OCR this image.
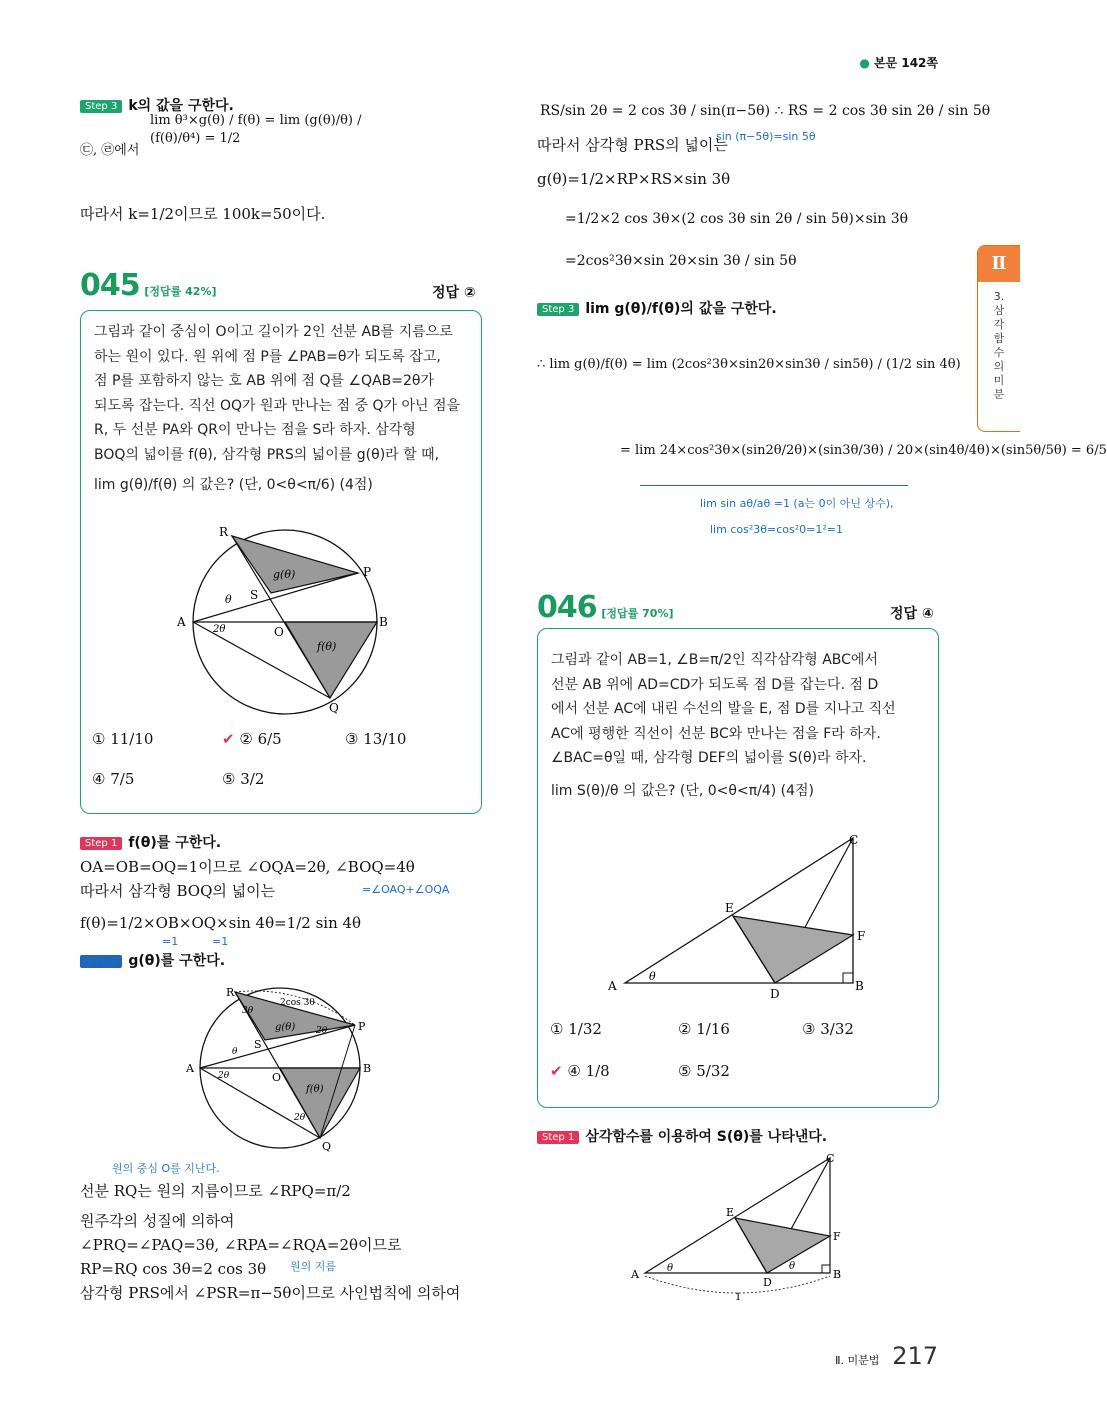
● 본문 142쪽
Ⅱ
3.
삼
각
함
수
의
미
분
Step 3 k의 값을 구한다.
㉢, ㉣에서
lim θ³×g(θ) / f(θ) = lim (g(θ)/θ) / (f(θ)/θ⁴) = 1/2
따라서 k=1/2이므로 100k=50이다.
045 [정답률 42%]	정답 ②
그림과 같이 중심이 O이고 길이가 2인 선분 AB를 지름으로
하는 원이 있다. 원 위에 점 P를 ∠PAB=θ가 되도록 잡고,
점 P를 포함하지 않는 호 AB 위에 점 Q를 ∠QAB=2θ가
되도록 잡는다. 직선 OQ가 원과 만나는 점 중 Q가 아닌 점을
R, 두 선분 PA와 QR이 만나는 점을 S라 하자. 삼각형
BOQ의 넓이를 f(θ), 삼각형 PRS의 넓이를 g(θ)라 할 때,
lim g(θ)/f(θ) 의 값은? (단, 0<θ<π/6) (4점)
R
P
A	B
O
Q
S
g(θ)
f(θ)
θ
2θ
① 11/10	✔ ② 6/5	③ 13/10
④ 7/5	⑤ 3/2
Step 1 f(θ)를 구한다.
OA=OB=OQ=1이므로 ∠OQA=2θ, ∠BOQ=4θ
=∠OAQ+∠OQA
따라서 삼각형 BOQ의 넓이는
f(θ)=1/2×OB×OQ×sin 4θ=1/2 sin 4θ
=1	=1
Step 2 g(θ)를 구한다.
R
P
A	B
O
Q
S
g(θ)
f(θ)
2cos 3θ
3θ
2θ
2θ
θ
2θ
원의 중심 O를 지난다.
선분 RQ는 원의 지름이므로 ∠RPQ=π/2
원주각의 성질에 의하여
∠PRQ=∠PAQ=3θ, ∠RPA=∠RQA=2θ이므로
RP=RQ cos 3θ=2 cos 3θ 원의 지름
삼각형 PRS에서 ∠PSR=π−5θ이므로 사인법칙에 의하여
RS/sin 2θ = 2 cos 3θ / sin(π−5θ) ∴ RS = 2 cos 3θ sin 2θ / sin 5θ
sin (π−5θ)=sin 5θ
따라서 삼각형 PRS의 넓이는
g(θ)=1/2×RP×RS×sin 3θ
=1/2×2 cos 3θ×(2 cos 3θ sin 2θ / sin 5θ)×sin 3θ
=2cos²3θ×sin 2θ×sin 3θ / sin 5θ
Step 3 lim g(θ)/f(θ)의 값을 구한다.
∴ lim g(θ)/f(θ) = lim (2cos²3θ×sin2θ×sin3θ / sin5θ) / (1/2 sin 4θ)
= lim 24×cos²3θ×(sin2θ/2θ)×(sin3θ/3θ) / 20×(sin4θ/4θ)×(sin5θ/5θ) = 6/5
lim sin aθ/aθ =1 (a는 0이 아닌 상수),
lim cos²3θ=cos²0=1²=1
046 [정답률 70%]	정답 ④
그림과 같이 AB=1, ∠B=π/2인 직각삼각형 ABC에서
선분 AB 위에 AD=CD가 되도록 점 D를 잡는다. 점 D
에서 선분 AC에 내린 수선의 발을 E, 점 D를 지나고 직선
AC에 평행한 직선이 선분 BC와 만나는 점을 F라 하자.
∠BAC=θ일 때, 삼각형 DEF의 넓이를 S(θ)라 하자.
lim S(θ)/θ 의 값은? (단, 0<θ<π/4) (4점)
C
A	B
D
E
F
θ
① 1/32	② 1/16	③ 3/32
✔ ④ 1/8	⑤ 5/32
Step 1 삼각함수를 이용하여 S(θ)를 나타낸다.
C
A	B
D
E
F
1
θ	θ
Ⅱ. 미분법 217
